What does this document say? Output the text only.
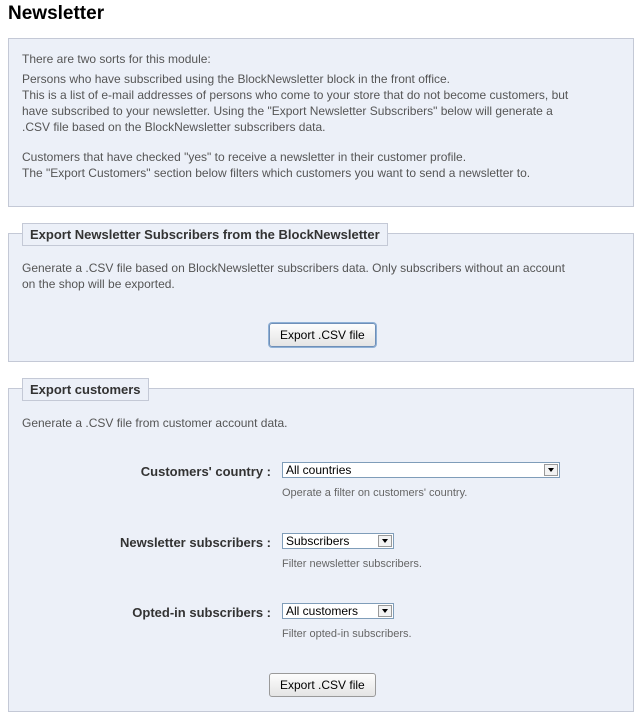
Newsletter

There are two sorts for this module:

Persons who have subscribed using the BlockNewsletter block in the front office.

This is a list of e-mail addresses of persons who come to your store that do not become customers, but

have subscribed to your newsletter. Using the "Export Newsletter Subscribers" below will generate a

.CSV file based on the BlockNewsletter subscribers data.

Customers that have checked "yes" to receive a newsletter in their customer profile.

The "Export Customers" section below filters which customers you want to send a newsletter to.

Export Newsletter Subscribers from the BlockNewsletter

Generate a .CSV file based on BlockNewsletter subscribers data. Only subscribers without an account
on the shop will be exported.

Export .CSV file
Export customers

Generate a .CSV file from customer account data.

Customers' country :	All countries
Operate a filter on customers' country.
Newsletter subscribers :	Subscribers
Filter newsletter subscribers.
Opted-in subscribers :	All customers
Filter opted-in subscribers.
Export .CSV file
